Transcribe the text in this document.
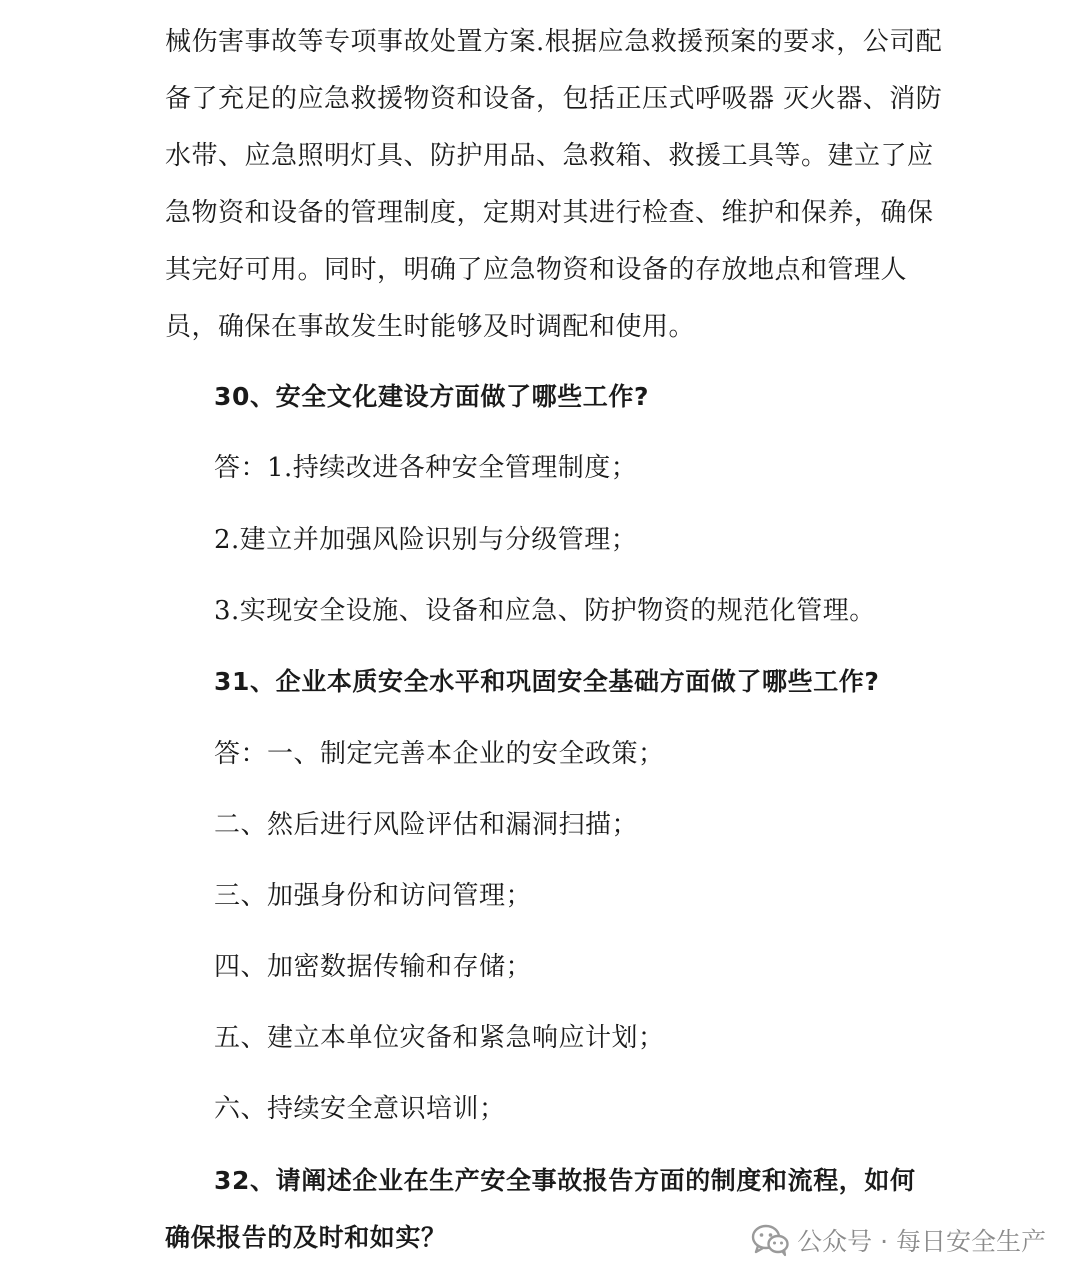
械伤害事故等专项事故处置方案.根据应急救援预案的要求，公司配
备了充足的应急救援物资和设备，包括正压式呼吸器 灭火器、消防
水带、应急照明灯具、防护用品、急救箱、救援工具等。建立了应
急物资和设备的管理制度，定期对其进行检查、维护和保养，确保
其完好可用。同时，明确了应急物资和设备的存放地点和管理人
员，确保在事故发生时能够及时调配和使用。
30、安全文化建设方面做了哪些工作?
答：1.持续改进各种安全管理制度；
2.建立并加强风险识别与分级管理；
3.实现安全设施、设备和应急、防护物资的规范化管理。
31、企业本质安全水平和巩固安全基础方面做了哪些工作?
答：一、制定完善本企业的安全政策；
二、然后进行风险评估和漏洞扫描；
三、加强身份和访问管理；
四、加密数据传输和存储；
五、建立本单位灾备和紧急响应计划；
六、持续安全意识培训；
32、请阐述企业在生产安全事故报告方面的制度和流程，如何
确保报告的及时和如实？	公众号 · 每日安全生产
